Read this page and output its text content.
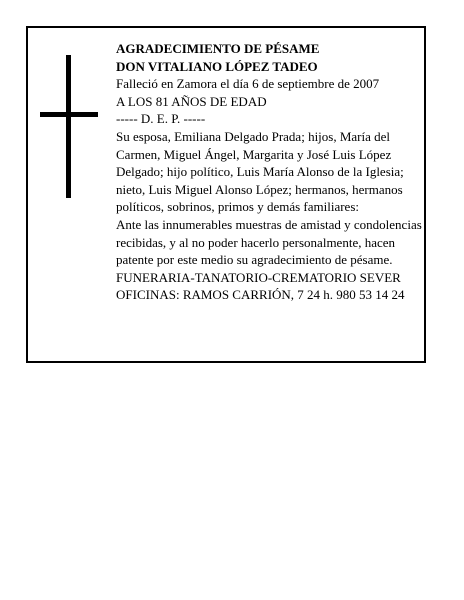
AGRADECIMIENTO DE PÉSAME
DON VITALIANO LÓPEZ TADEO
Falleció en Zamora el día 6 de septiembre de 2007
A LOS 81 AÑOS DE EDAD
----- D. E. P. -----
Su esposa, Emiliana Delgado Prada; hijos, María del Carmen, Miguel Ángel, Margarita y José Luis López Delgado; hijo político, Luis María Alonso de la Iglesia; nieto, Luis Miguel Alonso López; hermanos, hermanos políticos, sobrinos, primos y demás familiares:
Ante las innumerables muestras de amistad y condolencias recibidas, y al no poder hacerlo personalmente, hacen patente por este medio su agradecimiento de pésame.
FUNERARIA-TANATORIO-CREMATORIO SEVER
OFICINAS: RAMOS CARRIÓN, 7 24 h. 980 53 14 24
